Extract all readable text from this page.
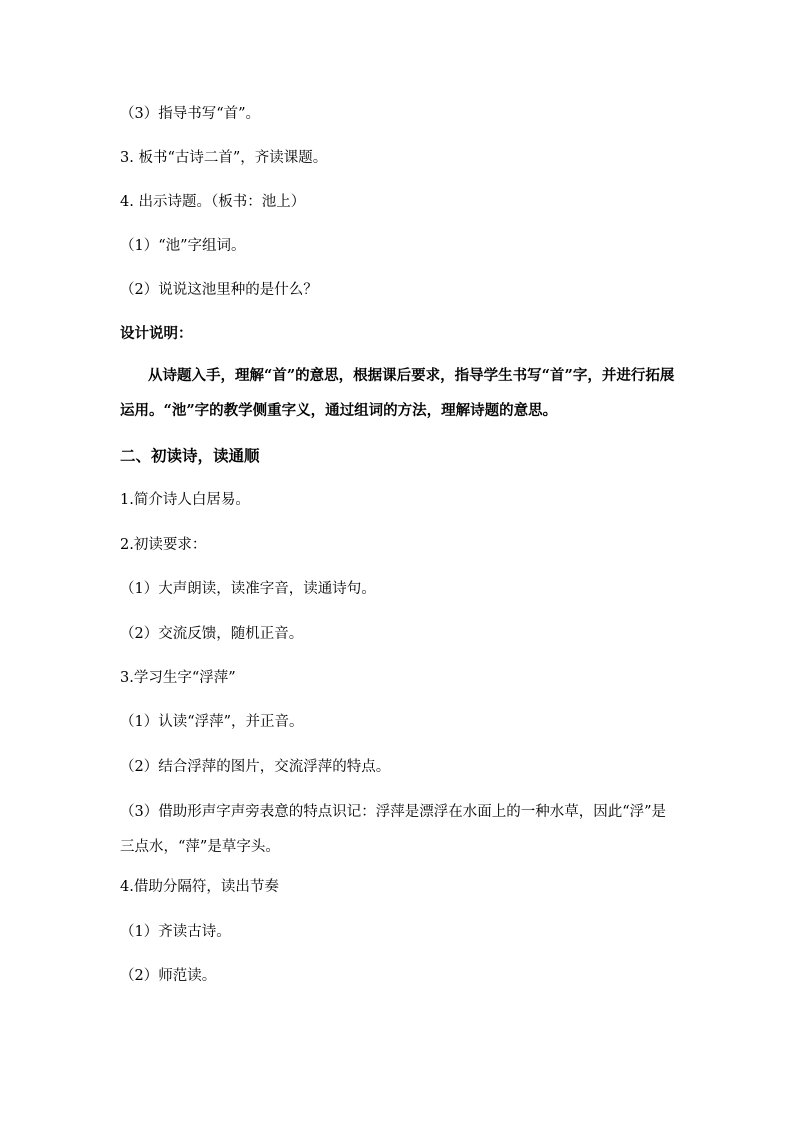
（3）指导书写“首”。
3. 板书“古诗二首”，齐读课题。
4. 出示诗题。（板书：池上）
（1）“池”字组词。
（2）说说这池里种的是什么？
设计说明：
从诗题入手，理解“首”的意思，根据课后要求，指导学生书写“首”字，并进行拓展运用。“池”字的教学侧重字义，通过组词的方法，理解诗题的意思。
二、初读诗，读通顺
1.简介诗人白居易。
2.初读要求：
（1）大声朗读，读准字音，读通诗句。
（2）交流反馈，随机正音。
3.学习生字“浮萍”
（1）认读“浮萍”，并正音。
（2）结合浮萍的图片，交流浮萍的特点。
（3）借助形声字声旁表意的特点识记：浮萍是漂浮在水面上的一种水草，因此“浮”是三点水，“萍”是草字头。
4.借助分隔符，读出节奏
（1）齐读古诗。
（2）师范读。
